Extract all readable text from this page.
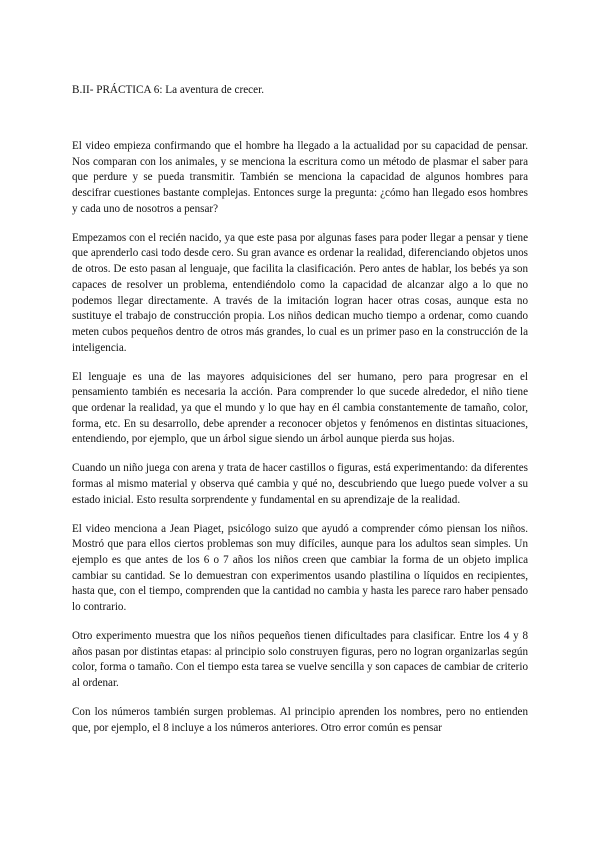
B.II- PRÁCTICA 6: La aventura de crecer.

El video empieza confirmando que el hombre ha llegado a la actualidad por su capacidad de pensar. Nos comparan con los animales, y se menciona la escritura como un método de plasmar el saber para que perdure y se pueda transmitir. También se menciona la capacidad de algunos hombres para descifrar cuestiones bastante complejas. Entonces surge la pregunta: ¿cómo han llegado esos hombres y cada uno de nosotros a pensar?

Empezamos con el recién nacido, ya que este pasa por algunas fases para poder llegar a pensar y tiene que aprenderlo casi todo desde cero. Su gran avance es ordenar la realidad, diferenciando objetos unos de otros. De esto pasan al lenguaje, que facilita la clasificación. Pero antes de hablar, los bebés ya son capaces de resolver un problema, entendiéndolo como la capacidad de alcanzar algo a lo que no podemos llegar directamente. A través de la imitación logran hacer otras cosas, aunque esta no sustituye el trabajo de construcción propia. Los niños dedican mucho tiempo a ordenar, como cuando meten cubos pequeños dentro de otros más grandes, lo cual es un primer paso en la construcción de la inteligencia.

El lenguaje es una de las mayores adquisiciones del ser humano, pero para progresar en el pensamiento también es necesaria la acción. Para comprender lo que sucede alrededor, el niño tiene que ordenar la realidad, ya que el mundo y lo que hay en él cambia constantemente de tamaño, color, forma, etc. En su desarrollo, debe aprender a reconocer objetos y fenómenos en distintas situaciones, entendiendo, por ejemplo, que un árbol sigue siendo un árbol aunque pierda sus hojas.

Cuando un niño juega con arena y trata de hacer castillos o figuras, está experimentando: da diferentes formas al mismo material y observa qué cambia y qué no, descubriendo que luego puede volver a su estado inicial. Esto resulta sorprendente y fundamental en su aprendizaje de la realidad.

El video menciona a Jean Piaget, psicólogo suizo que ayudó a comprender cómo piensan los niños. Mostró que para ellos ciertos problemas son muy difíciles, aunque para los adultos sean simples. Un ejemplo es que antes de los 6 o 7 años los niños creen que cambiar la forma de un objeto implica cambiar su cantidad. Se lo demuestran con experimentos usando plastilina o líquidos en recipientes, hasta que, con el tiempo, comprenden que la cantidad no cambia y hasta les parece raro haber pensado lo contrario.

Otro experimento muestra que los niños pequeños tienen dificultades para clasificar. Entre los 4 y 8 años pasan por distintas etapas: al principio solo construyen figuras, pero no logran organizarlas según color, forma o tamaño. Con el tiempo esta tarea se vuelve sencilla y son capaces de cambiar de criterio al ordenar.

Con los números también surgen problemas. Al principio aprenden los nombres, pero no entienden que, por ejemplo, el 8 incluye a los números anteriores. Otro error común es pensar
